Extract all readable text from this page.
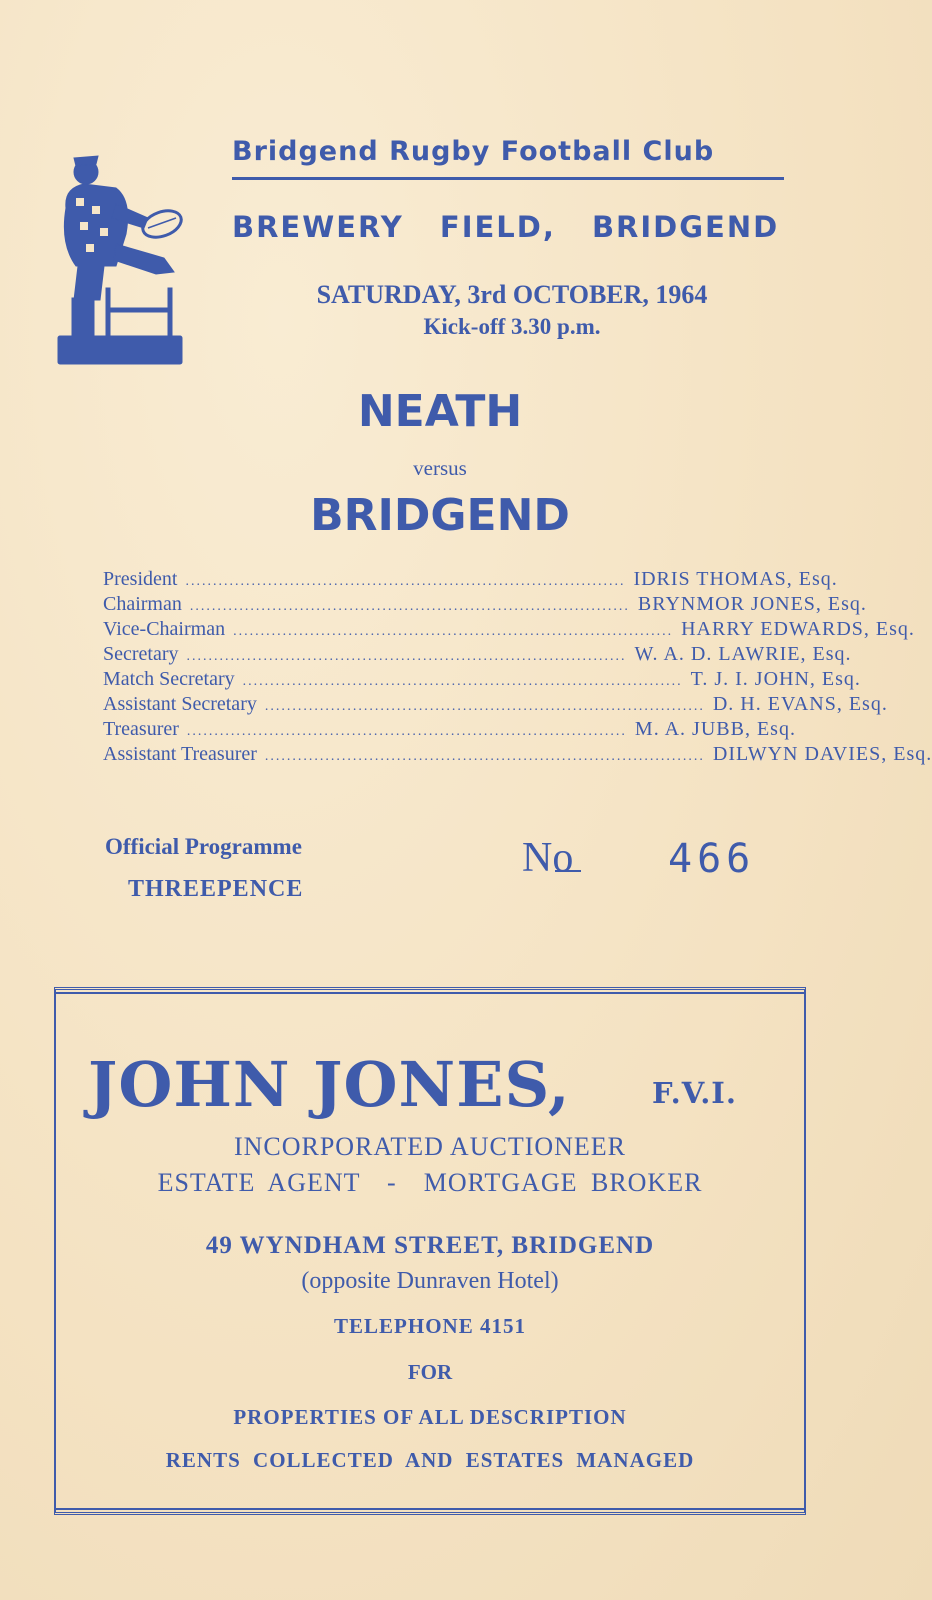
Bridgend Rugby Football Club
BREWERY FIELD, BRIDGEND
SATURDAY, 3rd OCTOBER, 1964
Kick-off 3.30 p.m.
NEATH
versus
BRIDGEND
President ................................................................................ IDRIS THOMAS, Esq.
Chairman ................................................................................ BRYNMOR JONES, Esq.
Vice-Chairman ................................................................................ HARRY EDWARDS, Esq.
Secretary ................................................................................ W. A. D. LAWRIE, Esq.
Match Secretary ................................................................................ T. J. I. JOHN, Esq.
Assistant Secretary ................................................................................ D. H. EVANS, Esq.
Treasurer ................................................................................ M. A. JUBB, Esq.
Assistant Treasurer ................................................................................ DILWYN DAVIES, Esq.
Official Programme
THREEPENCE
No 466
JOHN JONES,	F.V.I.
INCORPORATED AUCTIONEER
ESTATE AGENT  -  MORTGAGE BROKER
49 WYNDHAM STREET, BRIDGEND
(opposite Dunraven Hotel)
TELEPHONE 4151
FOR
PROPERTIES OF ALL DESCRIPTION
RENTS COLLECTED AND ESTATES MANAGED
